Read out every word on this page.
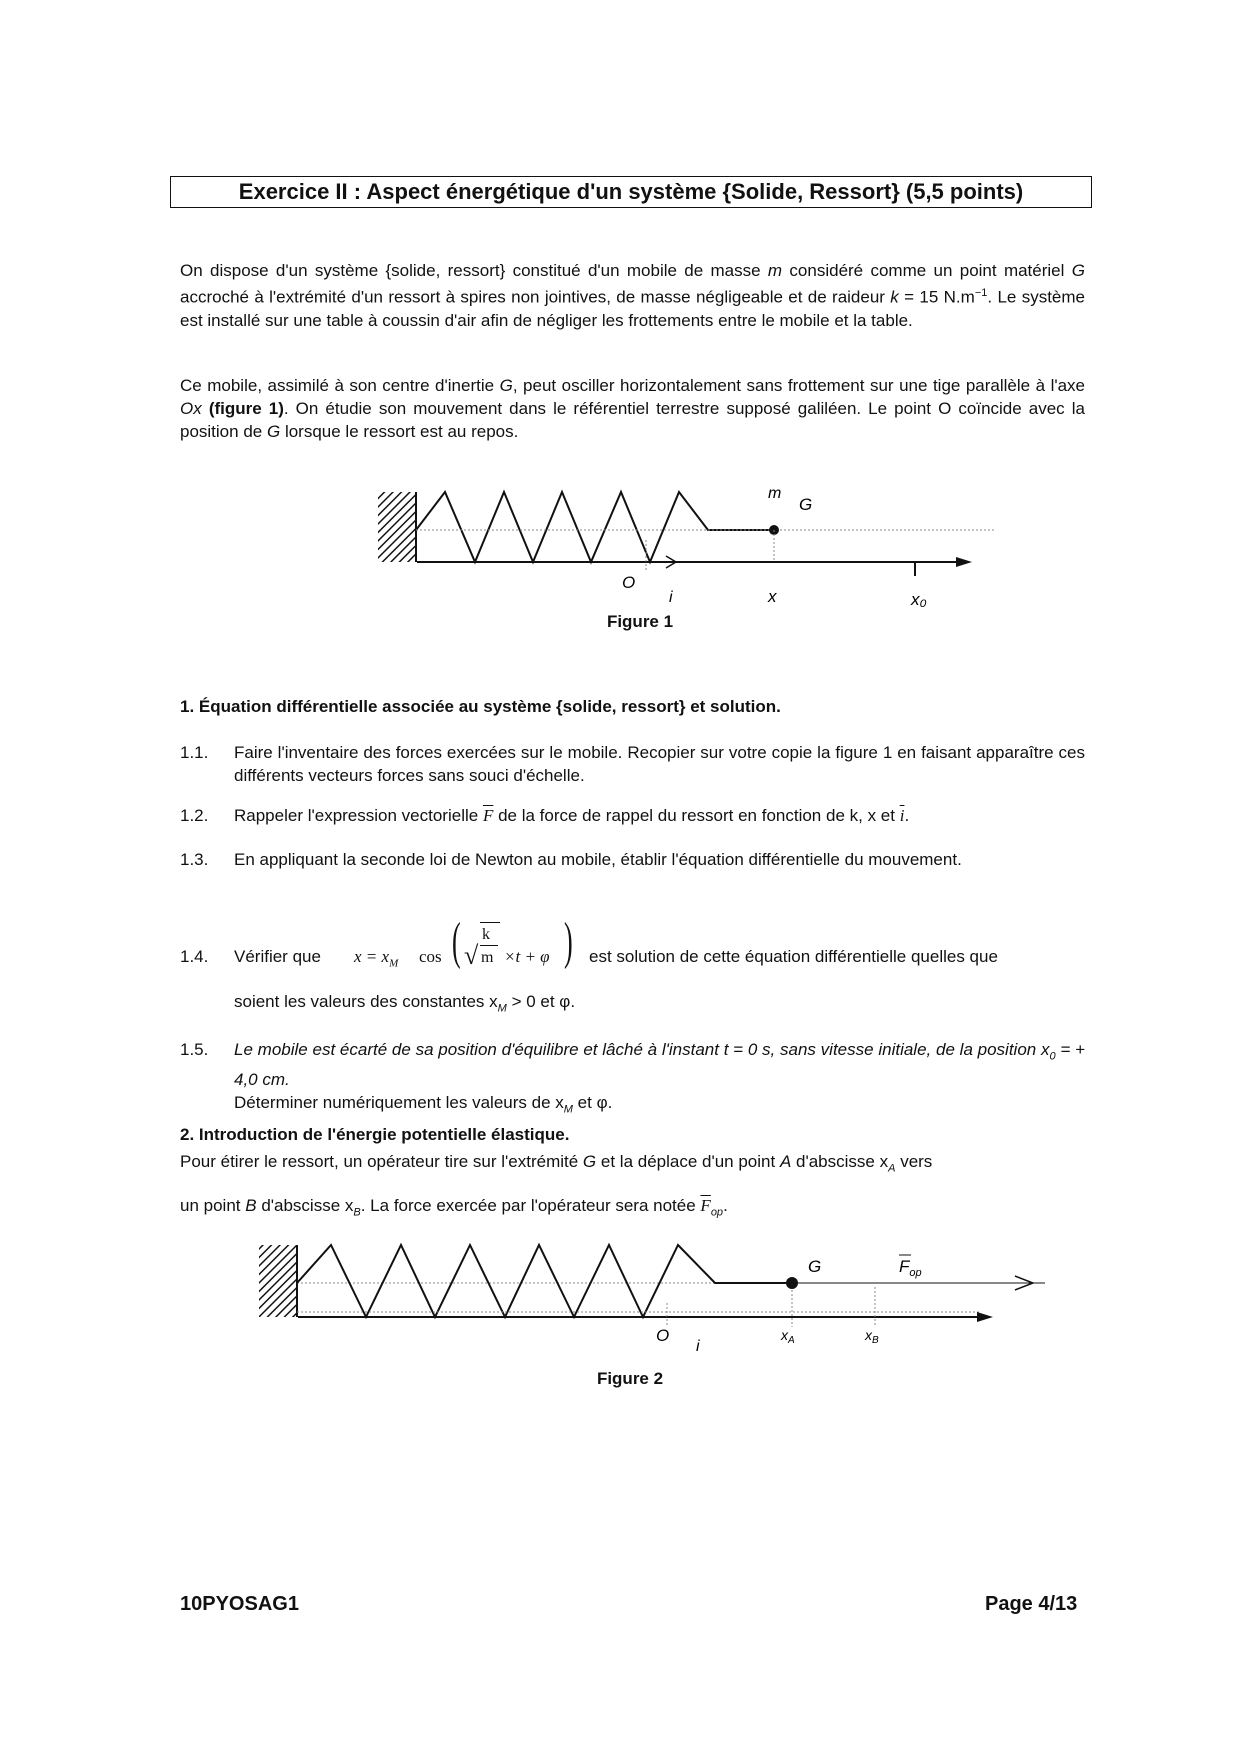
Exercice II : Aspect énergétique d'un système {Solide, Ressort} (5,5 points)

On dispose d'un système {solide, ressort} constitué d'un mobile de masse m considéré comme un point matériel G accroché à l'extrémité d'un ressort à spires non jointives, de masse négligeable et de raideur k = 15 $N.m^{-1}$. Le système est installé sur une table à coussin d'air afin de négliger les frottements entre le mobile et la table.

Ce mobile, assimilé à son centre d'inertie G, peut osciller horizontalement sans frottement sur une tige parallèle à l'axe Ox (figure 1). On étudie son mouvement dans le référentiel terrestre supposé galiléen. Le point O coïncide avec la position de G lorsque le ressort est au repos.

m
G
O
i	x	x₀
Figure 1
1. Équation différentielle associée au système {solide, ressort} et solution.
1.1.	Faire l'inventaire des forces exercées sur le mobile. Recopier sur votre copie la figure 1 en faisant apparaître ces différents vecteurs forces sans souci d'échelle.
1.2.	Rappeler l'expression vectorielle $\overline{F}$ de la force de rappel du ressort en fonction de k, x et $\overline{i}$.
1.3.	En appliquant la seconde loi de Newton au mobile, établir l'équation différentielle du mouvement.
1.4.	Vérifier que $x = x_M$ cos ( √
k
m ×t + φ ) est solution de cette équation différentielle quelles que
soient les valeurs des constantes $x_M > 0$ et φ.
1.5.	Le mobile est écarté de sa position d'équilibre et lâché à l'instant t = 0 s, sans vitesse initiale, de la position $x_0$ = + 4,0 cm.
Déterminer numériquement les valeurs de $x_M$ et φ.
2. Introduction de l'énergie potentielle élastique.

Pour étirer le ressort, un opérateur tire sur l'extrémité G et la déplace d'un point A d'abscisse $x_A$ vers

un point B d'abscisse $x_B$. La force exercée par l'opérateur sera notée $\overline{F}_{op}$.

G	$F_{op}$
O
i
$x_A$	$x_B$
Figure 2
10PYOSAG1	Page 4/13
